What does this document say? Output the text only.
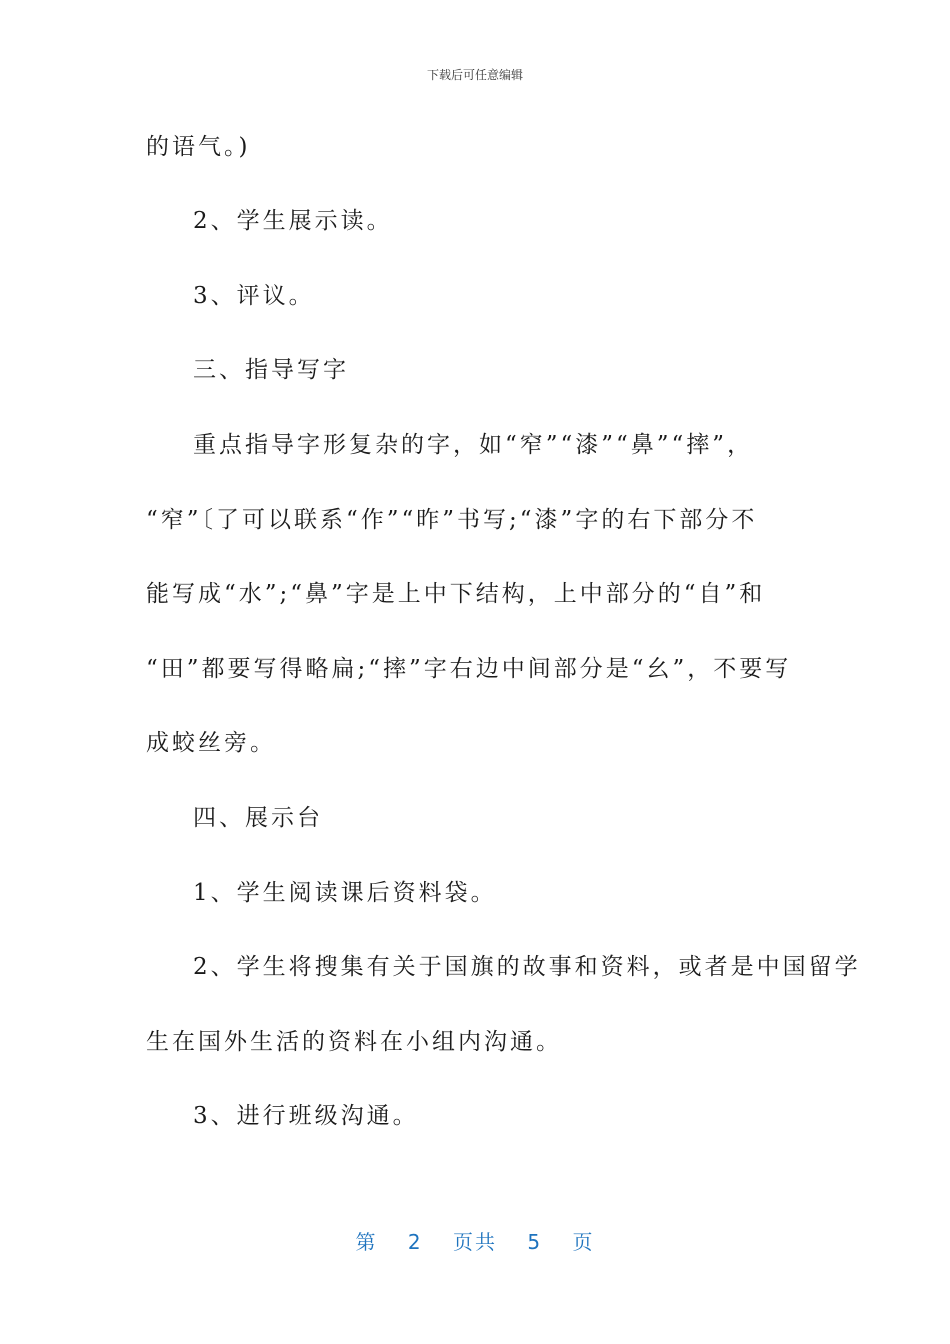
下载后可任意编辑
的语气。)
2、学生展示读。
3、评议。
三、指导写字
重点指导字形复杂的字，如“窄”“漆”“鼻”“摔”，
“窄”〔了可以联系“作”“昨”书写;“漆”字的右下部分不
能写成“水”;“鼻”字是上中下结构，上中部分的“自”和
“田”都要写得略扁;“摔”字右边中间部分是“幺”，不要写
成蛟丝旁。
四、展示台
1、学生阅读课后资料袋。
2、学生将搜集有关于国旗的故事和资料，或者是中国留学
生在国外生活的资料在小组内沟通。
3、进行班级沟通。
第 2 页共 5 页
